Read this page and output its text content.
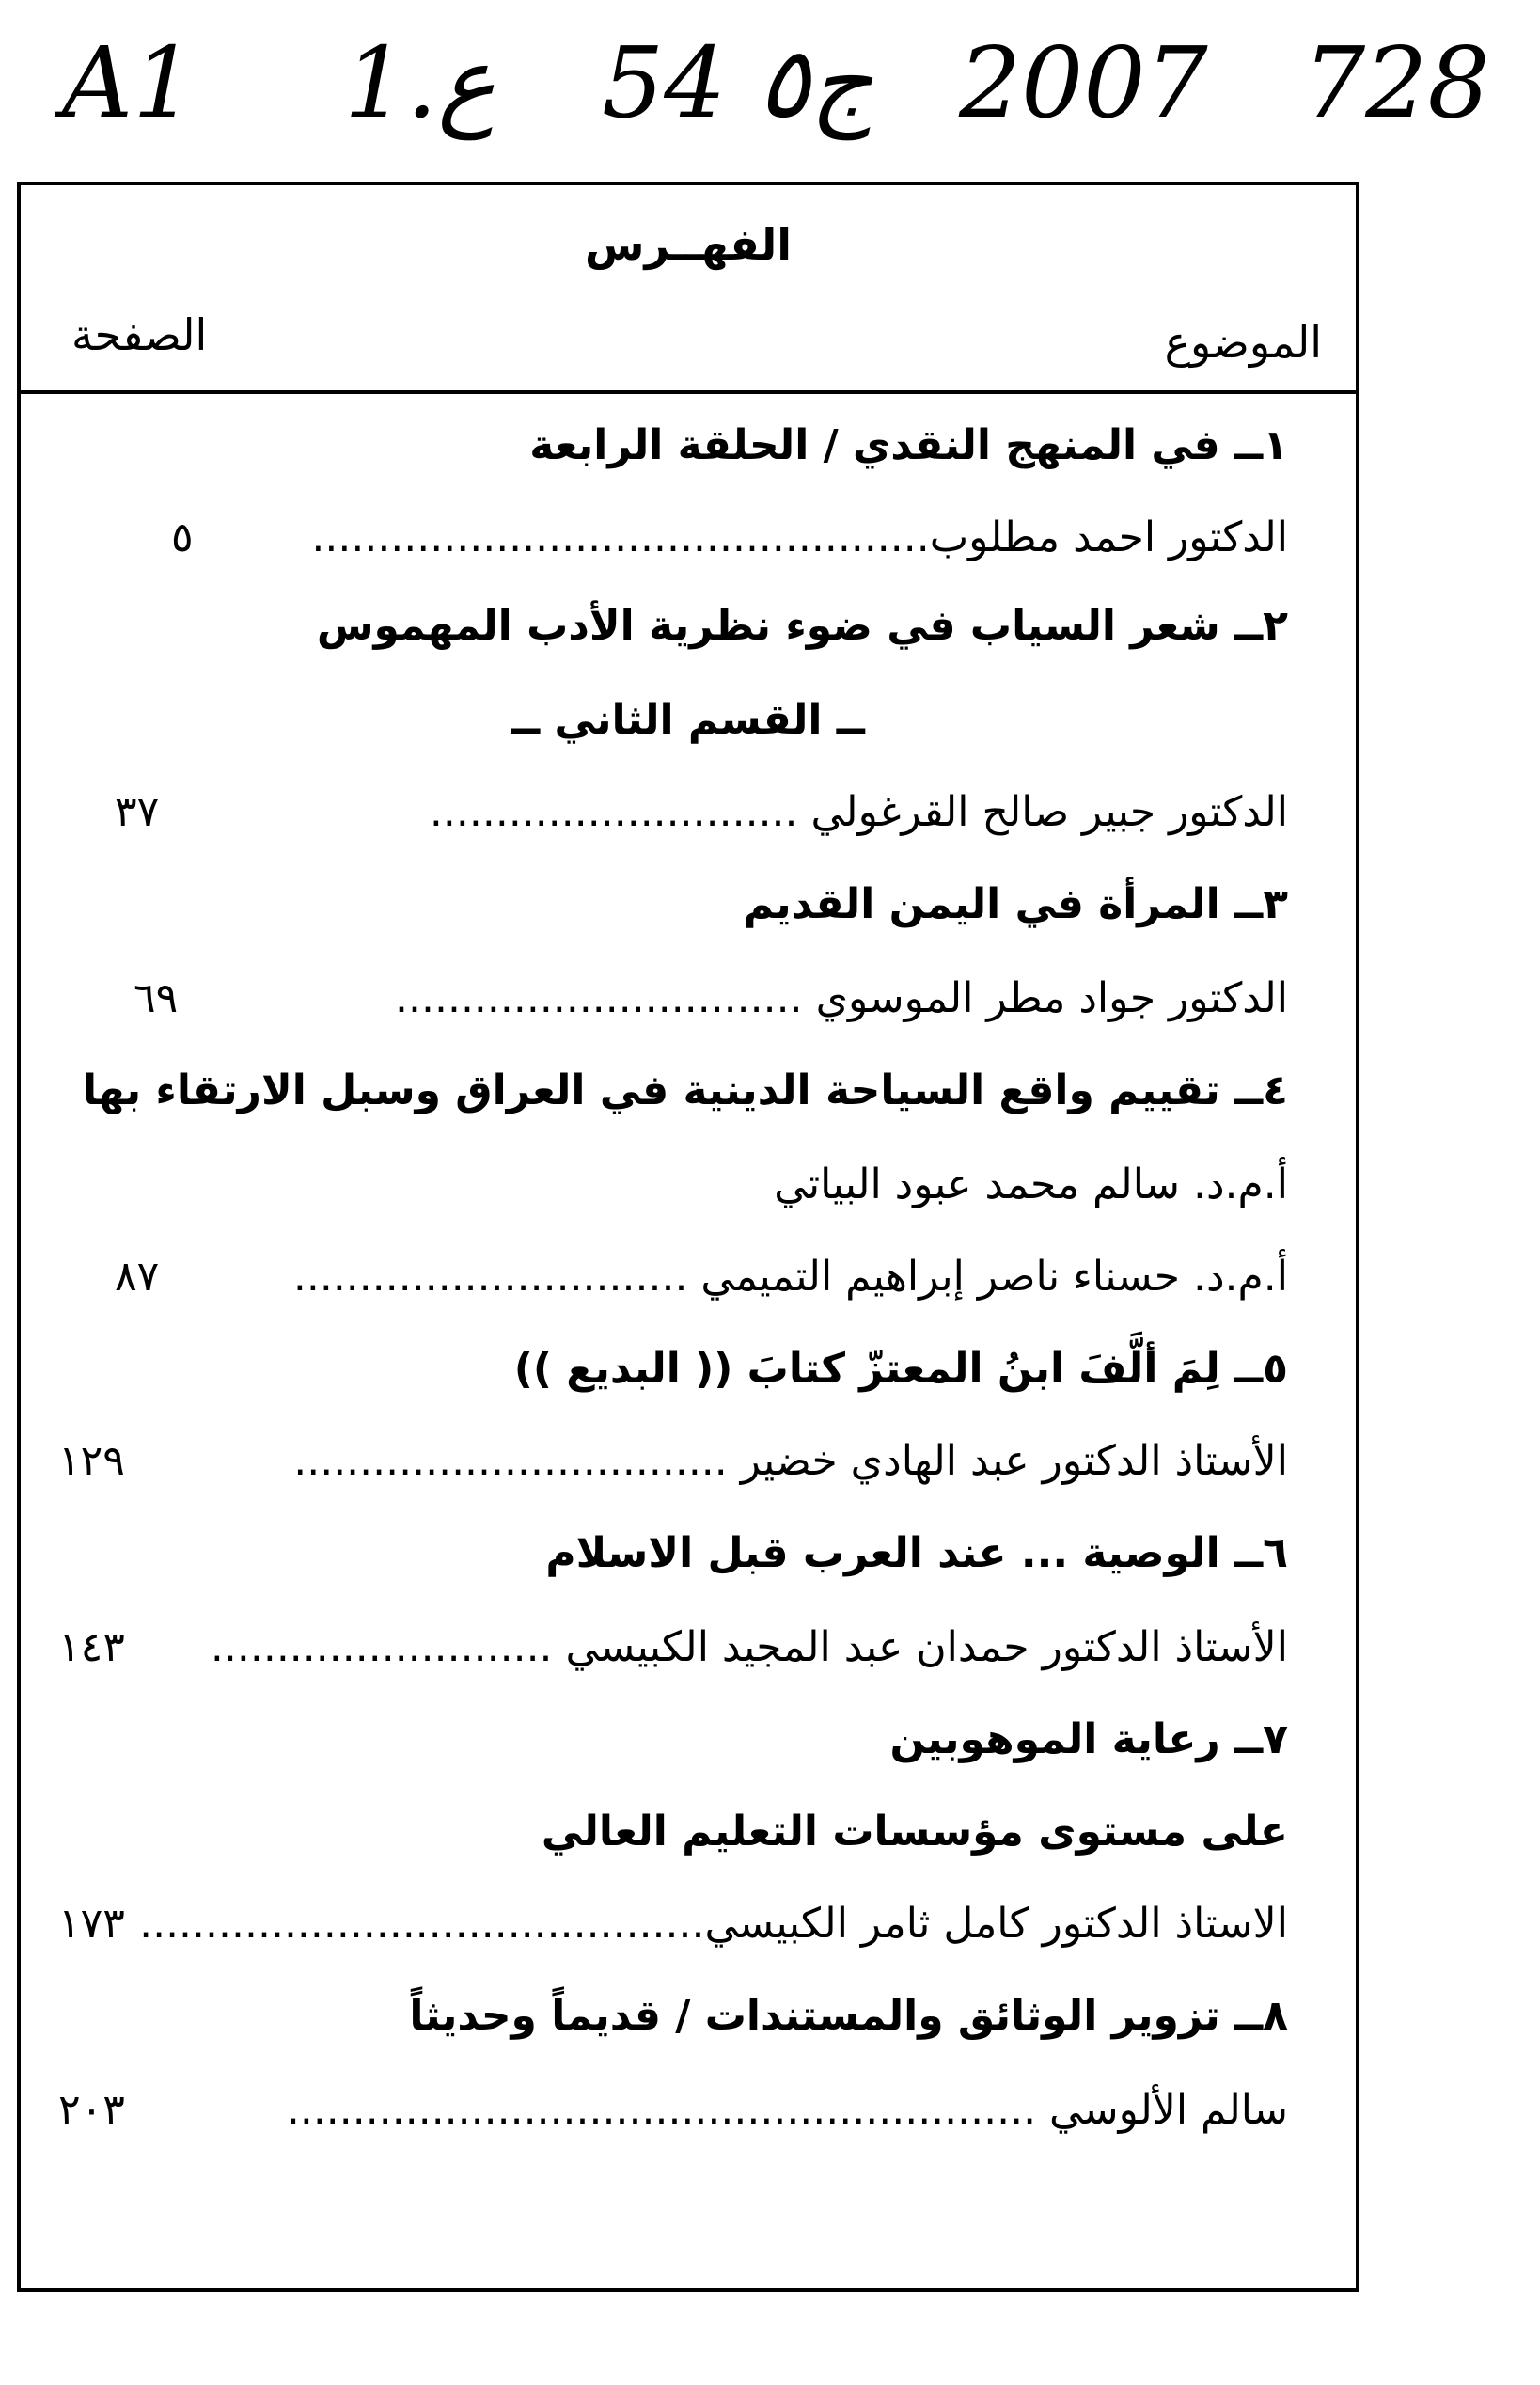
A1 1.ع 54 ج٥ 2007 728
الفهــرس
الموضوع
الصفحة
١ــ في المنهج النقدي / الحلقة الرابعة
الدكتور احمد مطلوب...............................................
٥
٢ــ شعر السياب في ضوء نظرية الأدب المهموس
ــ القسم الثاني ــ
الدكتور جبير صالح القرغولي ............................
٣٧
٣ــ المرأة في اليمن القديم
الدكتور جواد مطر الموسوي ...............................
٦٩
٤ــ تقييم واقع السياحة الدينية في العراق وسبل الارتقاء بها
أ.م.د. سالم محمد عبود البياتي
أ.م.د. حسناء ناصر إبراهيم التميمي ..............................
٨٧
٥ــ لِمَ ألَّفَ ابنُ المعتزّ كتابَ (( البديع ))
الأستاذ الدكتور عبد الهادي خضير .................................
١٢٩
٦ــ الوصية ... عند العرب قبل الاسلام
الأستاذ الدكتور حمدان عبد المجيد الكبيسي ..........................
١٤٣
٧ــ رعاية الموهوبين
على مستوى مؤسسات التعليم العالي
الاستاذ الدكتور كامل ثامر الكبيسي...........................................
١٧٣
٨ــ تزوير الوثائق والمستندات / قديماً وحديثاً
سالم الألوسي .........................................................
٢٠٣
